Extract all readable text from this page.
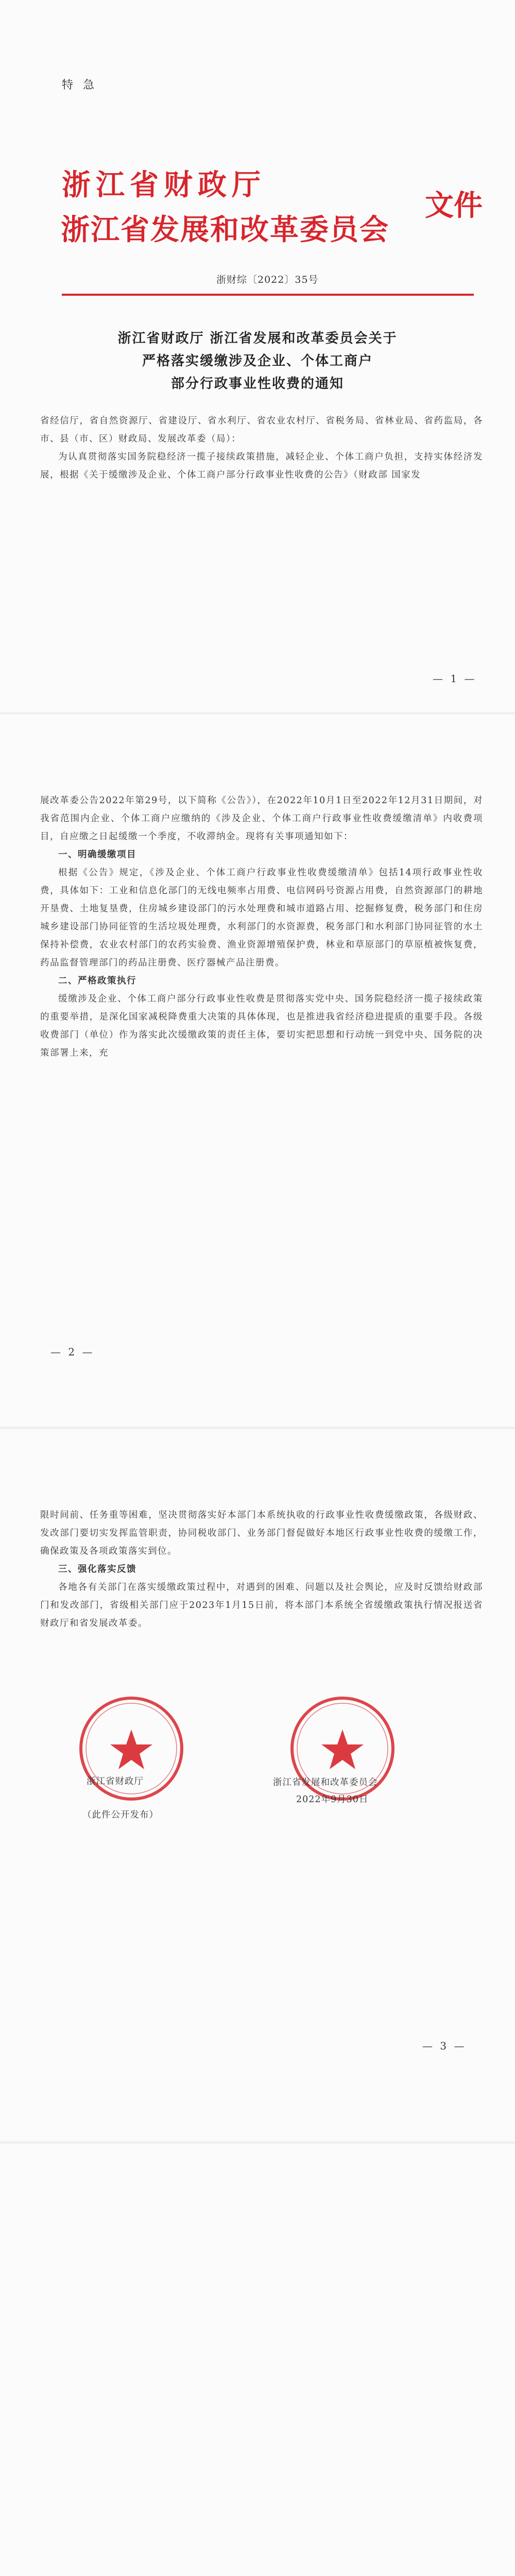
特 急
浙江省财政厅
浙江省发展和改革委员会
文件
浙财综〔2022〕35号
浙江省财政厅 浙江省发展和改革委员会关于
严格落实缓缴涉及企业、个体工商户
部分行政事业性收费的通知

省经信厅，省自然资源厅、省建设厅、省水利厅、省农业农村厅、省税务局、省林业局、省药监局，各市、县（市、区）财政局、发展改革委（局）：

为认真贯彻落实国务院稳经济一揽子接续政策措施，减轻企业、个体工商户负担，支持实体经济发展，根据《关于缓缴涉及企业、个体工商户部分行政事业性收费的公告》（财政部 国家发

— 1 —

展改革委公告2022年第29号，以下简称《公告》），在2022年10月1日至2022年12月31日期间，对我省范围内企业、个体工商户应缴纳的《涉及企业、个体工商户行政事业性收费缓缴清单》内收费项目，自应缴之日起缓缴一个季度，不收滞纳金。现将有关事项通知如下：

一、明确缓缴项目

根据《公告》规定，《涉及企业、个体工商户行政事业性收费缓缴清单》包括14项行政事业性收费，具体如下：工业和信息化部门的无线电频率占用费、电信网码号资源占用费，自然资源部门的耕地开垦费、土地复垦费，住房城乡建设部门的污水处理费和城市道路占用、挖掘修复费，税务部门和住房城乡建设部门协同征管的生活垃圾处理费，水利部门的水资源费，税务部门和水利部门协同征管的水土保持补偿费，农业农村部门的农药实验费、渔业资源增殖保护费，林业和草原部门的草原植被恢复费，药品监督管理部门的药品注册费、医疗器械产品注册费。

二、严格政策执行

缓缴涉及企业、个体工商户部分行政事业性收费是贯彻落实党中央、国务院稳经济一揽子接续政策的重要举措，是深化国家减税降费重大决策的具体体现，也是推进我省经济稳进提质的重要手段。各级收费部门（单位）作为落实此次缓缴政策的责任主体，要切实把思想和行动统一到党中央、国务院的决策部署上来，充

— 2 —

限时间前、任务重等困难，坚决贯彻落实好本部门本系统执收的行政事业性收费缓缴政策，各级财政、发改部门要切实发挥监管职责，协同税收部门、业务部门督促做好本地区行政事业性收费的缓缴工作，确保政策及各项政策落实到位。

三、强化落实反馈

各地各有关部门在落实缓缴政策过程中，对遇到的困难、问题以及社会舆论，应及时反馈给财政部门和发改部门，省级相关部门应于2023年1月15日前，将本部门本系统全省缓缴政策执行情况报送省财政厅和省发展改革委。

浙江省财政厅
（此件公开发布）
浙江省发展和改革委员会
2022年9月30日
— 3 —
